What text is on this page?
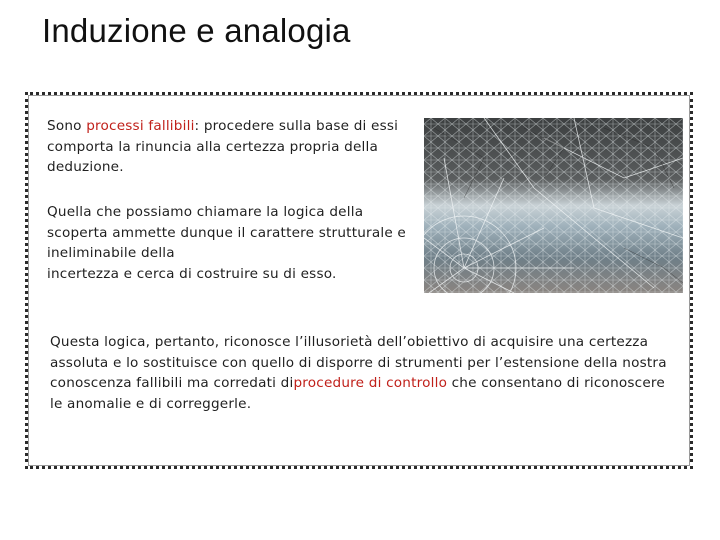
Induzione e analogia

Sono processi fallibili: procedere sulla base di essi comporta la rinuncia alla certezza propria della deduzione.

Quella che possiamo chiamare la logica della scoperta ammette dunque il carattere strutturale e ineliminabile della
incertezza e cerca di costruire su di esso.

Questa logica, pertanto, riconosce l’illusorietà dell’obiettivo di acquisire una certezza assoluta e lo sostituisce con quello di disporre di strumenti per l’estensione della nostra conoscenza fallibili ma corredati diprocedure di controllo che consentano di riconoscere le anomalie e di correggerle.
